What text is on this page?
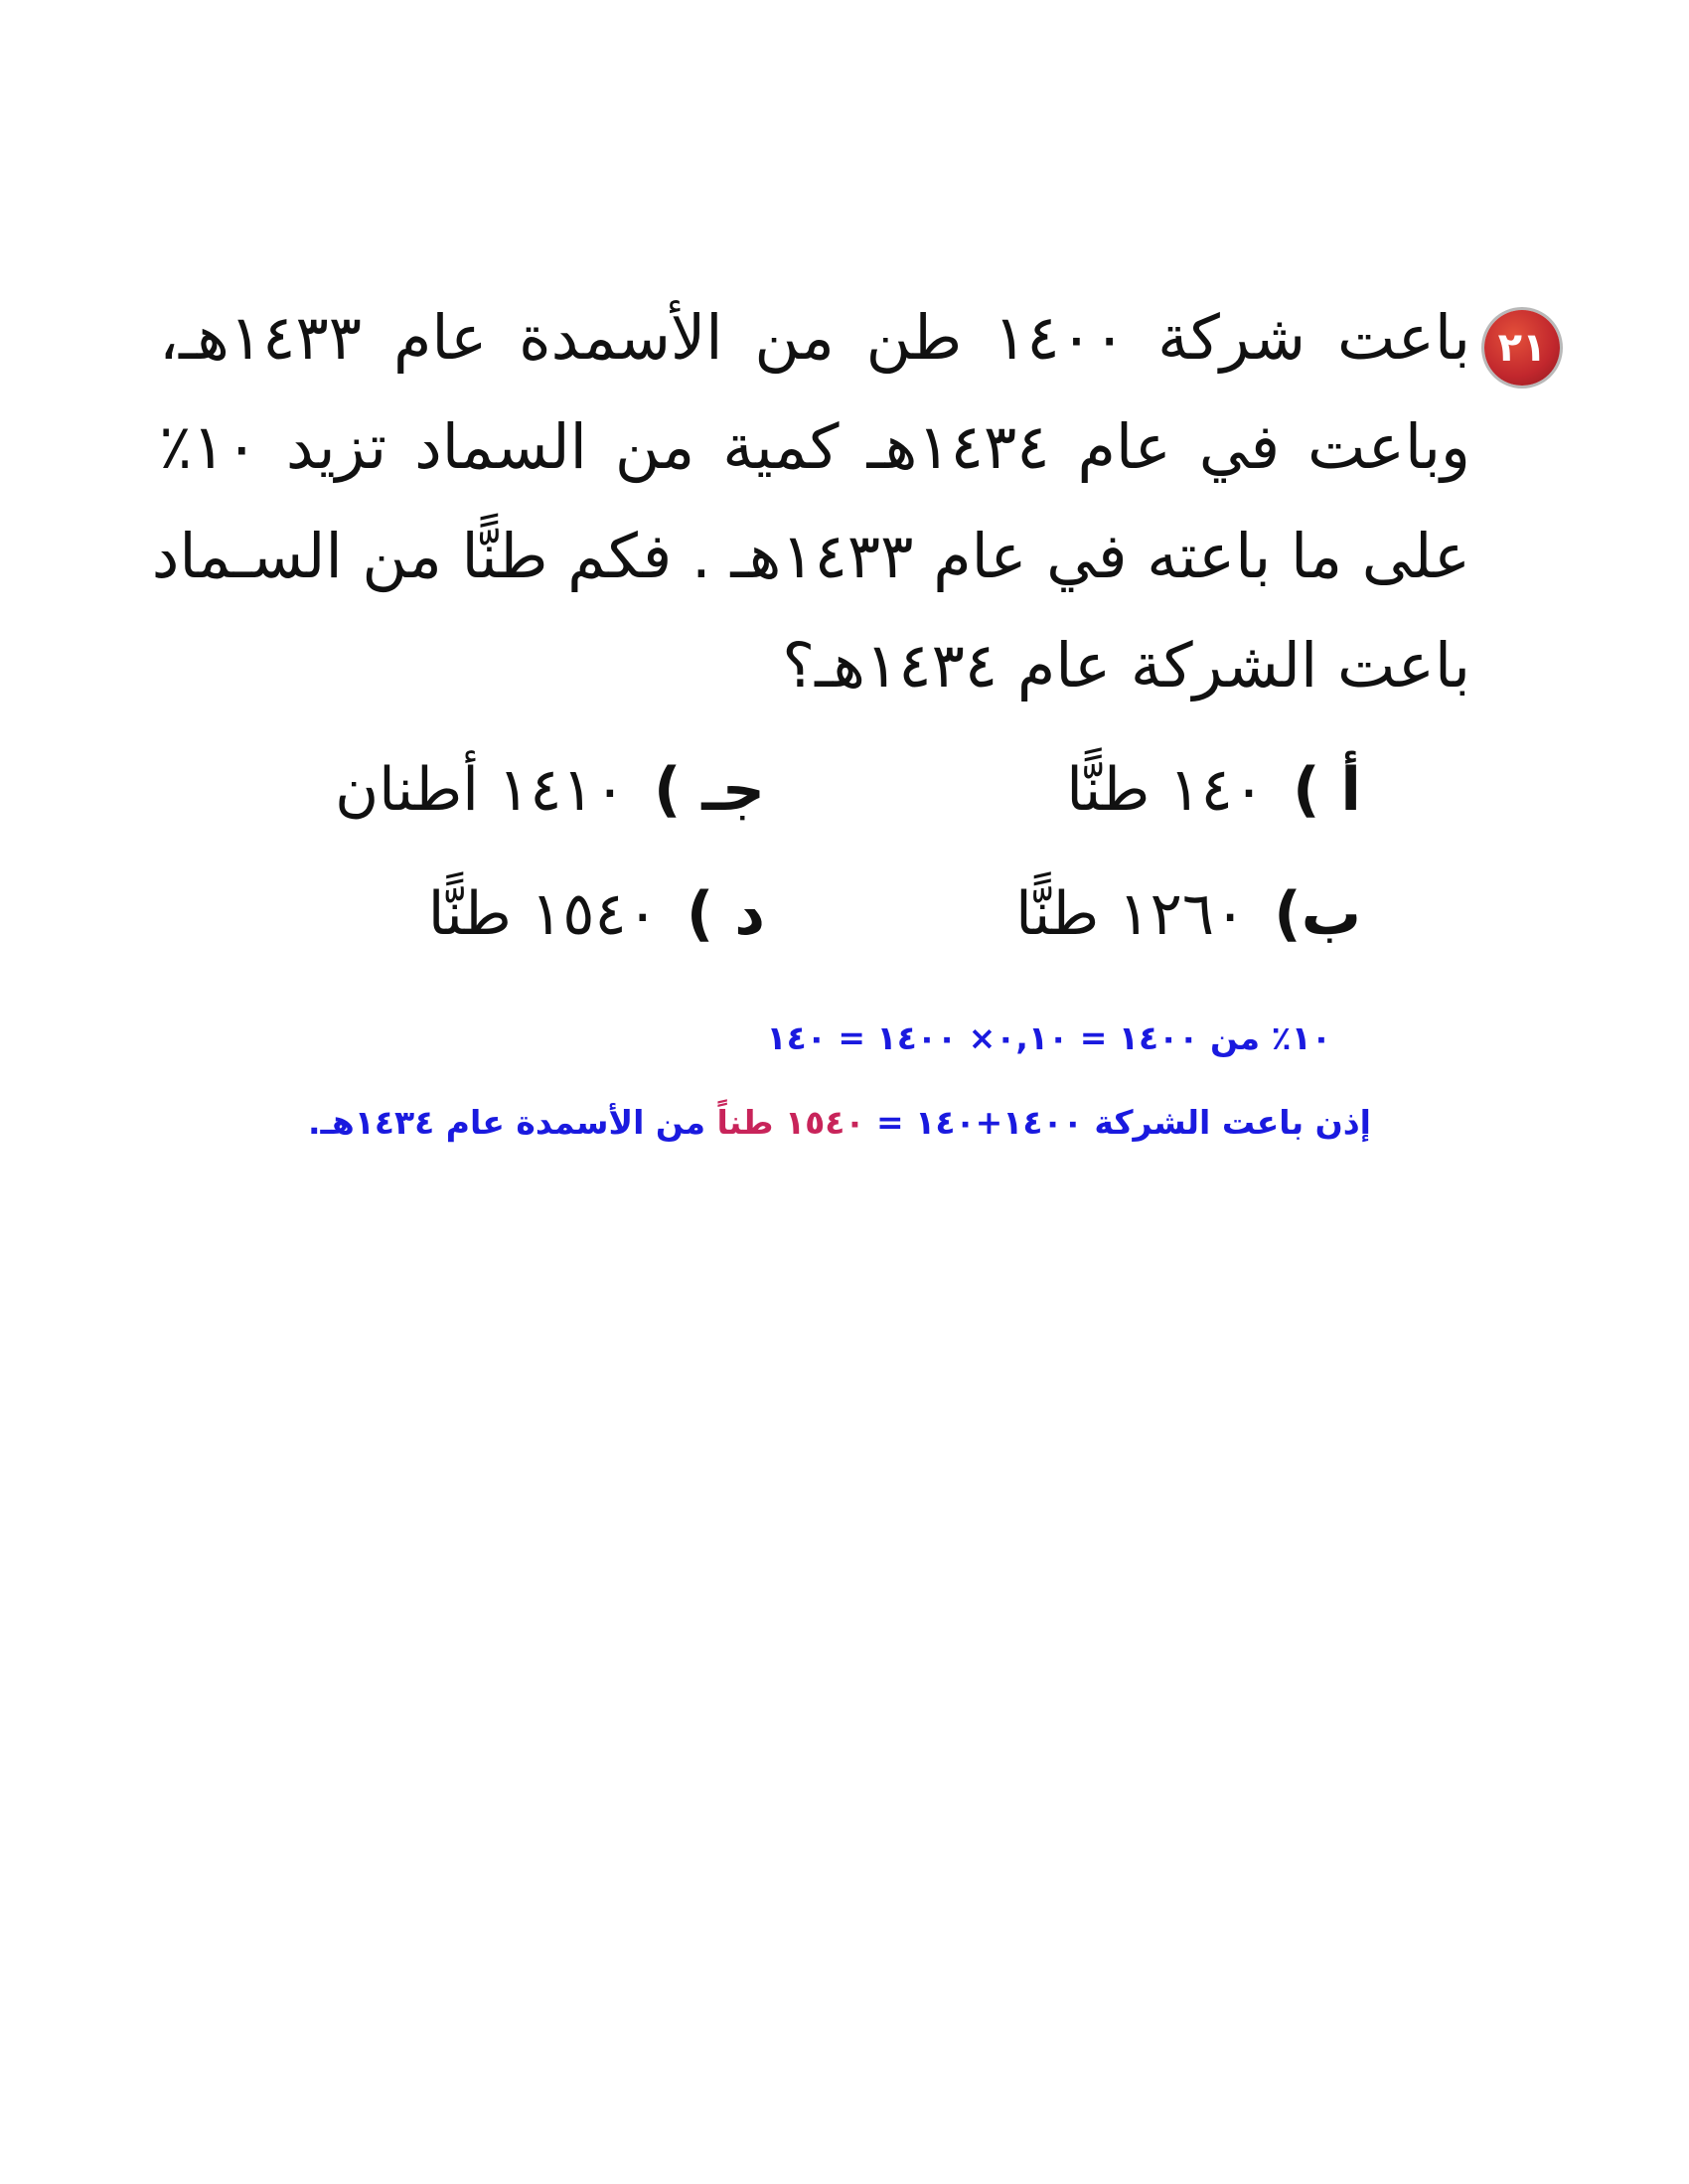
٢١
باعت شركة ١٤٠٠ طن من الأسمدة عام ١٤٣٣هـ،
وباعت في عام ١٤٣٤هـ كمية من السماد تزيد ١٠٪
على ما باعته في عام ١٤٣٣هـ . فكم طنًّا من السـماد
باعت الشركة عام ١٤٣٤هـ؟
أ )١٤٠ طنًّا
ب)١٢٦٠ طنًّا
جـ )١٤١٠ أطنان
د )١٥٤٠ طنًّا
١٠٪ من ١٤٠٠ = ٠,١٠× ١٤٠٠ = ١٤٠
إذن باعت الشركة ١٤٠٠+١٤٠ = ١٥٤٠ طناً من الأسمدة عام ١٤٣٤هـ.
